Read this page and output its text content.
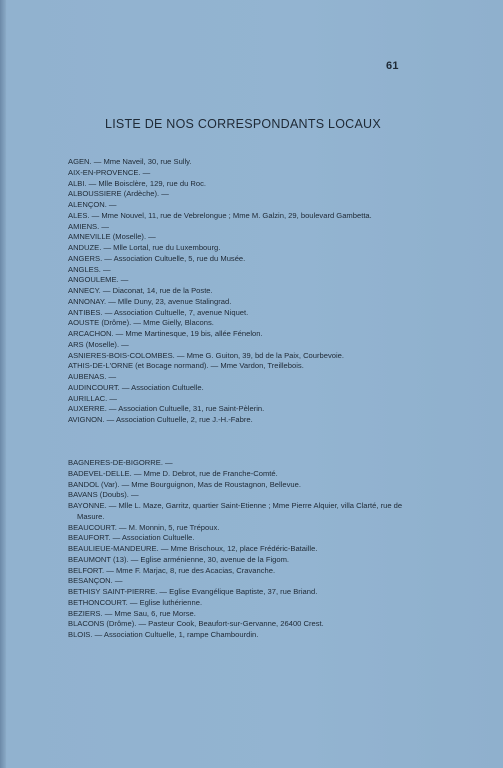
61
LISTE DE NOS CORRESPONDANTS LOCAUX
AGEN. — Mme Naveil, 30, rue Sully.
AIX-EN-PROVENCE. —
ALBI. — Mlle Boisclère, 129, rue du Roc.
ALBOUSSIERE (Ardèche). —
ALENÇON. —
ALES. — Mme Nouvel, 11, rue de Vebrelongue ; Mme M. Galzin, 29, boulevard Gambetta.
AMIENS. —
AMNEVILLE (Moselle). —
ANDUZE. — Mlle Lortal, rue du Luxembourg.
ANGERS. — Association Cultuelle, 5, rue du Musée.
ANGLES. —
ANGOULEME. —
ANNECY. — Diaconat, 14, rue de la Poste.
ANNONAY. — Mlle Duny, 23, avenue Stalingrad.
ANTIBES. — Association Cultuelle, 7, avenue Niquet.
AOUSTE (Drôme). — Mme Gielly, Blacons.
ARCACHON. — Mme Martinesque, 19 bis, allée Fénelon.
ARS (Moselle). —
ASNIERES-BOIS-COLOMBES. — Mme G. Guiton, 39, bd de la Paix, Courbevoie.
ATHIS-DE-L'ORNE (et Bocage normand). — Mme Vardon, Treillebois.
AUBENAS. —
AUDINCOURT. — Association Cultuelle.
AURILLAC. —
AUXERRE. — Association Cultuelle, 31, rue Saint-Pèlerin.
AVIGNON. — Association Cultuelle, 2, rue J.-H.-Fabre.
BAGNERES-DE-BIGORRE. —
BADEVEL-DELLE. — Mme D. Debrot, rue de Franche-Comté.
BANDOL (Var). — Mme Bourguignon, Mas de Roustagnon, Bellevue.
BAVANS (Doubs). —
BAYONNE. — Mlle L. Maze, Garritz, quartier Saint-Etienne ; Mme Pierre Alquier, villa Clarté, rue de Masure.
BEAUCOURT. — M. Monnin, 5, rue Trépoux.
BEAUFORT. — Association Cultuelle.
BEAULIEUE-MANDEURE. — Mme Brischoux, 12, place Frédéric-Bataille.
BEAUMONT (13). — Eglise arménienne, 30, avenue de la Figom.
BELFORT. — Mme F. Marjac, 8, rue des Acacias, Cravanche.
BESANÇON. —
BETHISY SAINT-PIERRE. — Eglise Evangélique Baptiste, 37, rue Briand.
BETHONCOURT. — Eglise luthérienne.
BEZIERS. — Mme Sau, 6, rue Morse.
BLACONS (Drôme). — Pasteur Cook, Beaufort-sur-Gervanne, 26400 Crest.
BLOIS. — Association Cultuelle, 1, rampe Chambourdin.
